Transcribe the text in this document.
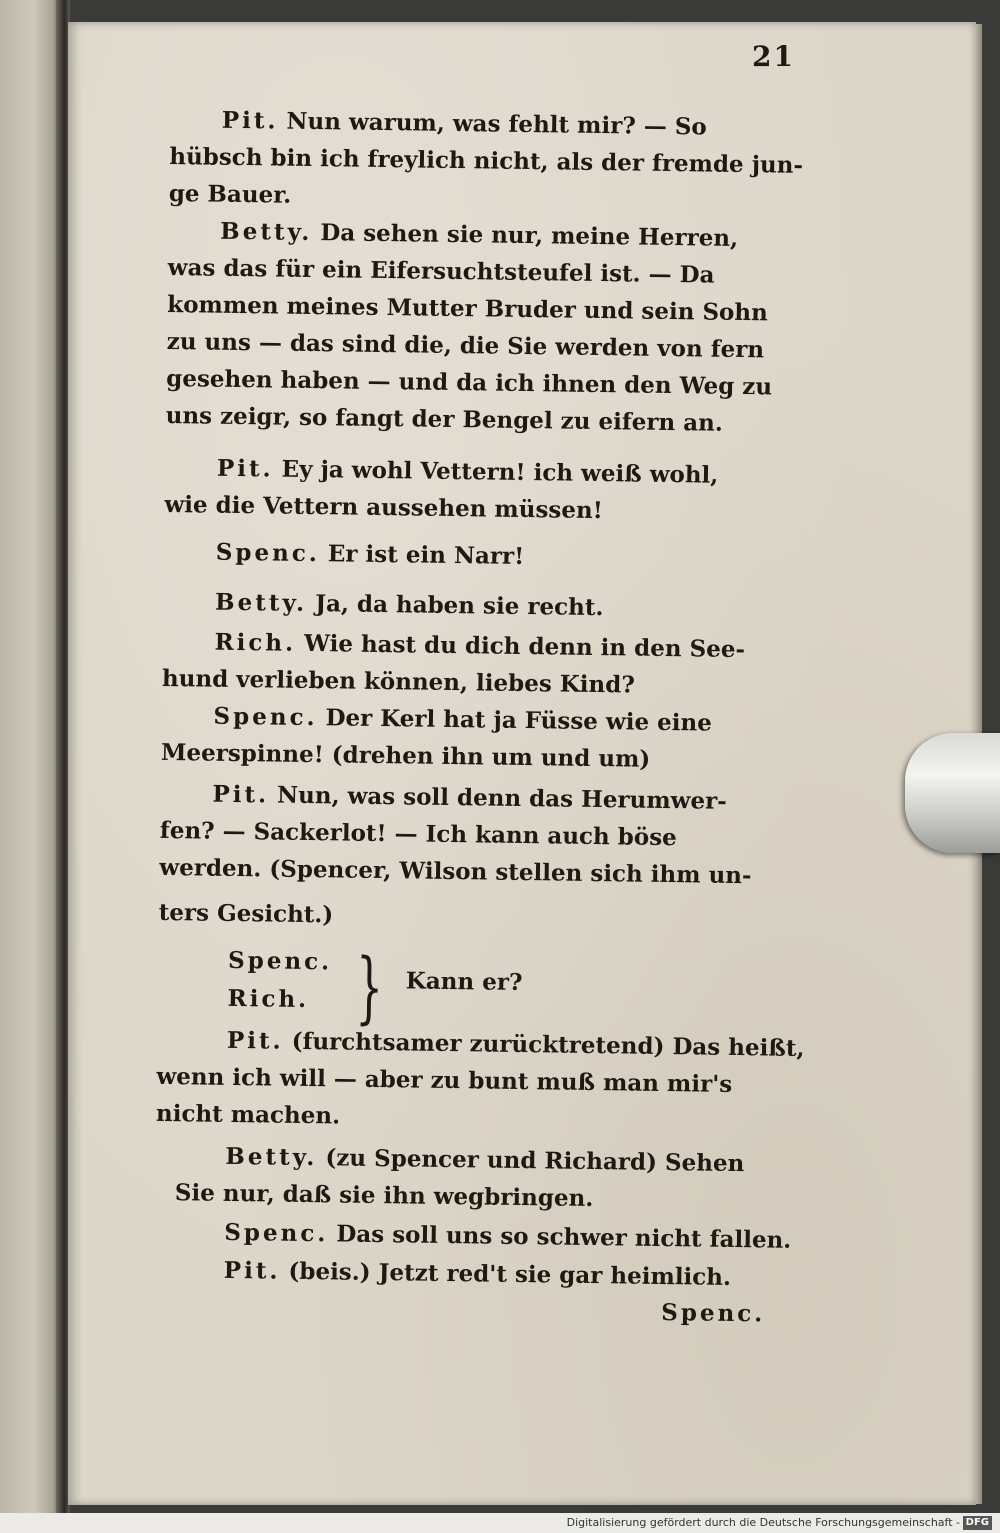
21
Pit. Nun warum, was fehlt mir? — So
hübsch bin ich freylich nicht, als der fremde jun-
ge Bauer.
Betty. Da sehen sie nur, meine Herren,
was das für ein Eifersuchtsteufel ist. — Da
kommen meines Mutter Bruder und sein Sohn
zu uns — das sind die, die Sie werden von fern
gesehen haben — und da ich ihnen den Weg zu
uns zeigr, so fangt der Bengel zu eifern an.
Pit. Ey ja wohl Vettern! ich weiß wohl,
wie die Vettern aussehen müssen!
Spenc. Er ist ein Narr!
Betty. Ja, da haben sie recht.
Rich. Wie hast du dich denn in den See-
hund verlieben können, liebes Kind?
Spenc. Der Kerl hat ja Füsse wie eine
Meerspinne! (drehen ihn um und um)
Pit. Nun, was soll denn das Herumwer-
fen? — Sackerlot! — Ich kann auch böse
werden. (Spencer, Wilson stellen sich ihm un-
ters Gesicht.)
Spenc.
Rich. } Kann er?
Pit. (furchtsamer zurücktretend) Das heißt,
wenn ich will — aber zu bunt muß man mir's
nicht machen.
Betty. (zu Spencer und Richard) Sehen
Sie nur, daß sie ihn wegbringen.
Spenc. Das soll uns so schwer nicht fallen.
Pit. (beis.) Jetzt red't sie gar heimlich.
Spenc.
Digitalisierung gefördert durch die Deutsche Forschungsgemeinschaft - DFG
